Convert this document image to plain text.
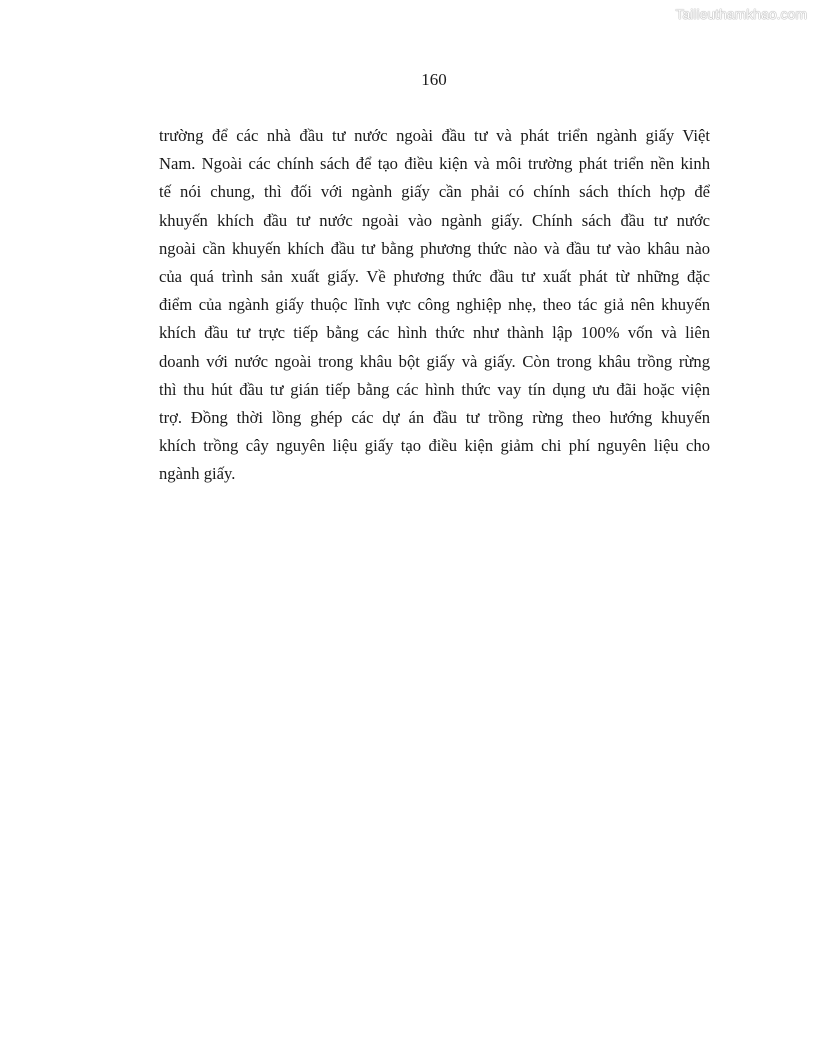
Tailieuthamkhao.com
160
trường để các nhà đầu tư nước ngoài đầu tư và phát triển ngành giấy Việt
Nam. Ngoài các chính sách để tạo điều kiện và môi trường phát triển nền kinh
tế nói chung, thì đối với ngành giấy cần phải có chính sách thích hợp để
khuyến khích đầu tư nước ngoài vào ngành giấy. Chính sách đầu tư nước
ngoài cần khuyến khích đầu tư bằng phương thức nào và đầu tư vào khâu nào
của quá trình sản xuất giấy. Về phương thức đầu tư xuất phát từ những đặc
điểm của ngành giấy thuộc lĩnh vực công nghiệp nhẹ, theo tác giả nên khuyến
khích đầu tư trực tiếp bằng các hình thức như thành lập 100% vốn và liên
doanh với nước ngoài trong khâu bột giấy và giấy. Còn trong khâu trồng rừng
thì thu hút đầu tư gián tiếp bằng các hình thức vay tín dụng ưu đãi hoặc viện
trợ. Đồng thời lồng ghép các dự án đầu tư trồng rừng theo hướng khuyến
khích trồng cây nguyên liệu giấy tạo điều kiện giảm chi phí nguyên liệu cho
ngành giấy.
